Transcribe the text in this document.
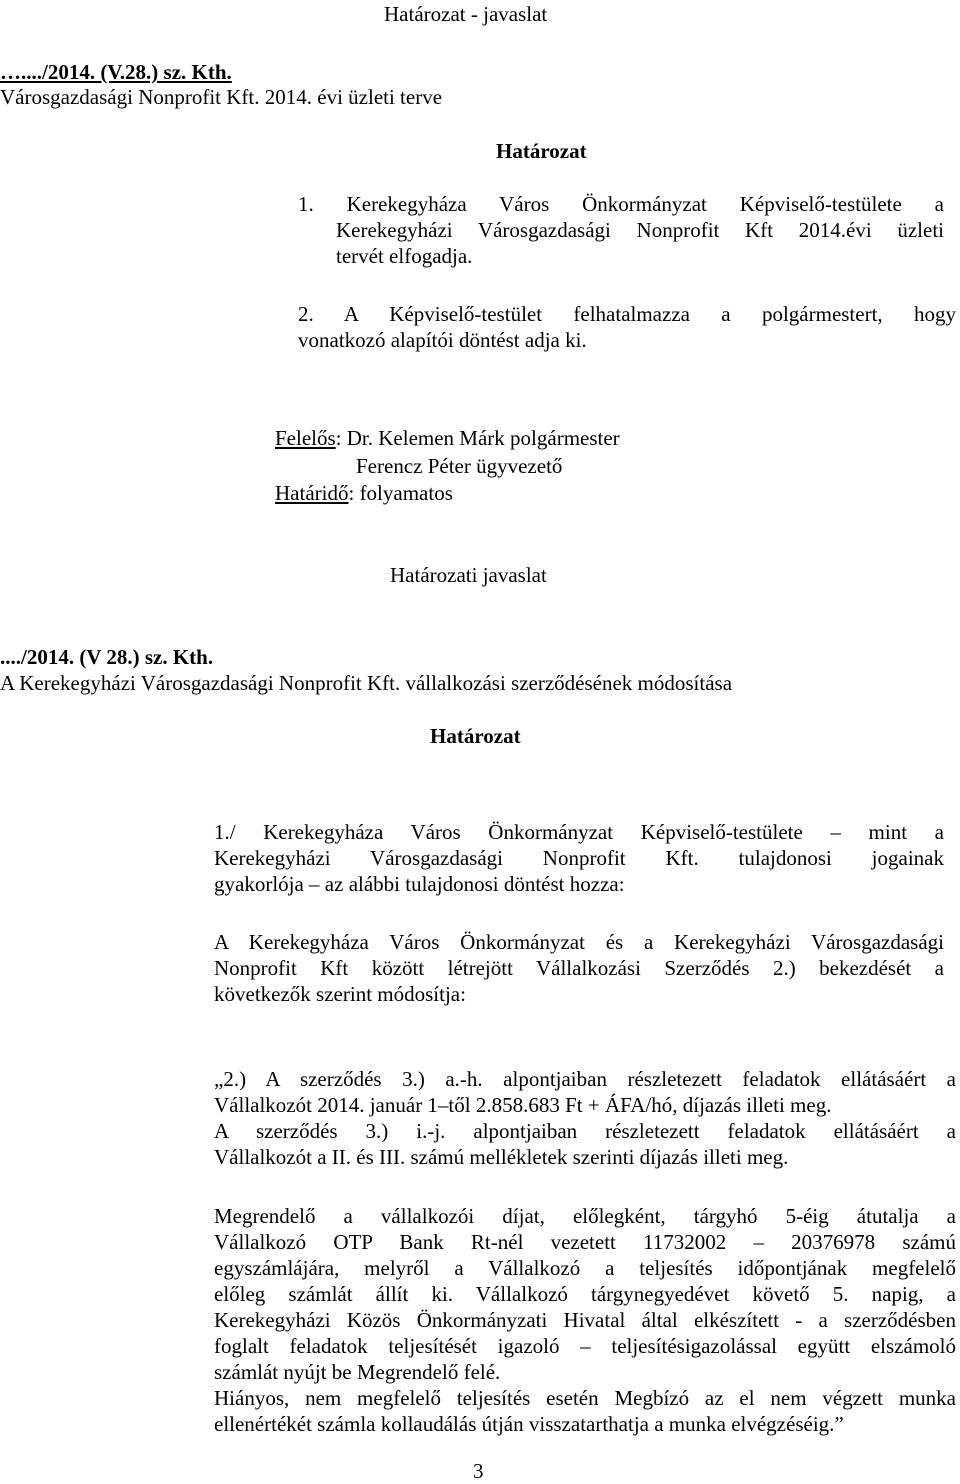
Határozat - javaslat
…..../2014. (V.28.) sz. Kth.
Városgazdasági Nonprofit Kft. 2014. évi üzleti terve
Határozat
1. Kerekegyháza Város Önkormányzat Képviselő-testülete a
Kerekegyházi Városgazdasági Nonprofit Kft 2014.évi üzleti
tervét elfogadja.
2. A Képviselő-testület felhatalmazza a polgármestert, hogy
vonatkozó alapítói döntést adja ki.
Felelős: Dr. Kelemen Márk polgármester
Ferencz Péter ügyvezető
Határidő: folyamatos
Határozati javaslat
..../2014. (V 28.) sz. Kth.
A Kerekegyházi Városgazdasági Nonprofit Kft. vállalkozási szerződésének módosítása
Határozat
1./ Kerekegyháza Város Önkormányzat Képviselő-testülete – mint a
Kerekegyházi Városgazdasági Nonprofit Kft. tulajdonosi jogainak
gyakorlója – az alábbi tulajdonosi döntést hozza:
A Kerekegyháza Város Önkormányzat és a Kerekegyházi Városgazdasági
Nonprofit Kft között létrejött Vállalkozási Szerződés 2.) bekezdését a
következők szerint módosítja:
„2.) A szerződés 3.) a.-h. alpontjaiban részletezett feladatok ellátásáért a
Vállalkozót 2014. január 1–től 2.858.683 Ft + ÁFA/hó, díjazás illeti meg.
A szerződés 3.) i.-j. alpontjaiban részletezett feladatok ellátásáért a
Vállalkozót a II. és III. számú mellékletek szerinti díjazás illeti meg.
Megrendelő a vállalkozói díjat, előlegként, tárgyhó 5-éig átutalja a
Vállalkozó OTP Bank Rt-nél vezetett 11732002 – 20376978 számú
egyszámlájára, melyről a Vállalkozó a teljesítés időpontjának megfelelő
előleg számlát állít ki. Vállalkozó tárgynegyedévet követő 5. napig, a
Kerekegyházi Közös Önkormányzati Hivatal által elkészített - a szerződésben
foglalt feladatok teljesítését igazoló – teljesítésigazolással együtt elszámoló
számlát nyújt be Megrendelő felé.
Hiányos, nem megfelelő teljesítés esetén Megbízó az el nem végzett munka
ellenértékét számla kollaudálás útján visszatarthatja a munka elvégzéséig.”
3
